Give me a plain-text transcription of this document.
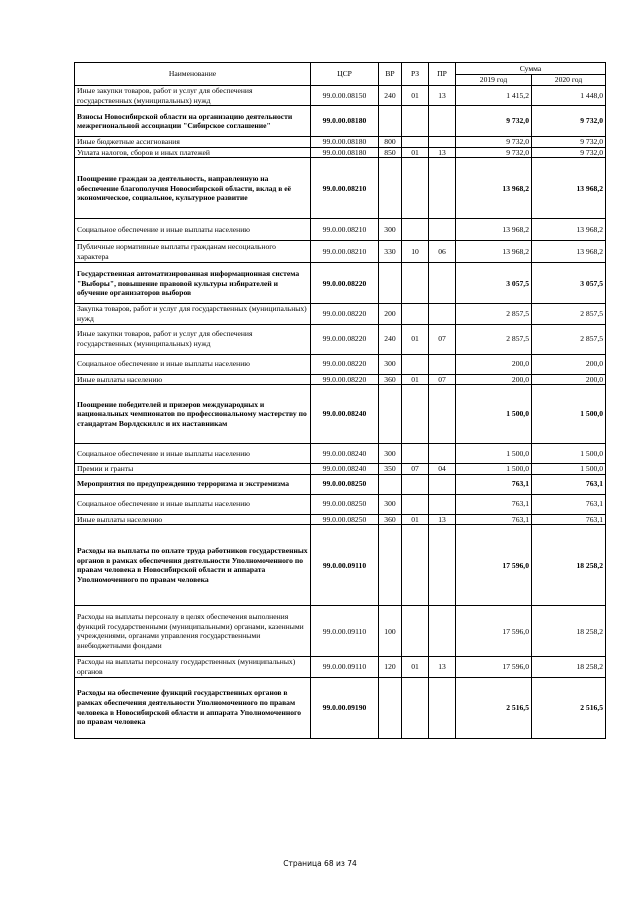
Наименование	ЦСР	ВР	РЗ	ПР	Сумма	
					2019 год	2020 год
Иные закупки товаров, работ и услуг для обеспечения государственных (муниципальных) нужд	99.0.00.08150	240	01	13	1 415,2	1 448,0
Взносы Новосибирской области на организацию деятельности межрегиональной ассоциации "Сибирское соглашение"	99.0.00.08180				9 732,0	9 732,0
Иные бюджетные ассигнования	99.0.00.08180	800			9 732,0	9 732,0
Уплата налогов, сборов и иных платежей	99.0.00.08180	850	01	13	9 732,0	9 732,0
Поощрение граждан за деятельность, направленную на обеспечение благополучия Новосибирской области, вклад в её экономическое, социальное, культурное развитие	99.0.00.08210				13 968,2	13 968,2
Социальное обеспечение и иные выплаты населению	99.0.00.08210	300			13 968,2	13 968,2
Публичные нормативные выплаты гражданам несоциального характера	99.0.00.08210	330	10	06	13 968,2	13 968,2
Государственная автоматизированная информационная система "Выборы", повышение правовой культуры избирателей и обучение организаторов выборов	99.0.00.08220				3 057,5	3 057,5
Закупка товаров, работ и услуг для государственных (муниципальных) нужд	99.0.00.08220	200			2 857,5	2 857,5
Иные закупки товаров, работ и услуг для обеспечения государственных (муниципальных) нужд	99.0.00.08220	240	01	07	2 857,5	2 857,5
Социальное обеспечение и иные выплаты населению	99.0.00.08220	300			200,0	200,0
Иные выплаты населению	99.0.00.08220	360	01	07	200,0	200,0
Поощрение победителей и призеров международных и национальных чемпионатов по профессиональному мастерству по стандартам Ворлдскиллс и их наставникам	99.0.00.08240				1 500,0	1 500,0
Социальное обеспечение и иные выплаты населению	99.0.00.08240	300			1 500,0	1 500,0
Премии и гранты	99.0.00.08240	350	07	04	1 500,0	1 500,0
Мероприятия по предупреждению терроризма и экстремизма	99.0.00.08250				763,1	763,1
Социальное обеспечение и иные выплаты населению	99.0.00.08250	300			763,1	763,1
Иные выплаты населению	99.0.00.08250	360	01	13	763,1	763,1
Расходы на выплаты по оплате труда работников государственных органов в рамках обеспечения деятельности Уполномоченного по правам человека в Новосибирской области и аппарата Уполномоченного по правам человека	99.0.00.09110				17 596,0	18 258,2
Расходы на выплаты персоналу в целях обеспечения выполнения функций государственными (муниципальными) органами, казенными учреждениями, органами управления государственными внебюджетными фондами	99.0.00.09110	100			17 596,0	18 258,2
Расходы на выплаты персоналу государственных (муниципальных) органов	99.0.00.09110	120	01	13	17 596,0	18 258,2
Расходы на обеспечение функций государственных органов в рамках обеспечения деятельности Уполномоченного по правам человека в Новосибирской области и аппарата Уполномоченного по правам человека	99.0.00.09190				2 516,5	2 516,5
Страница 68 из 74
